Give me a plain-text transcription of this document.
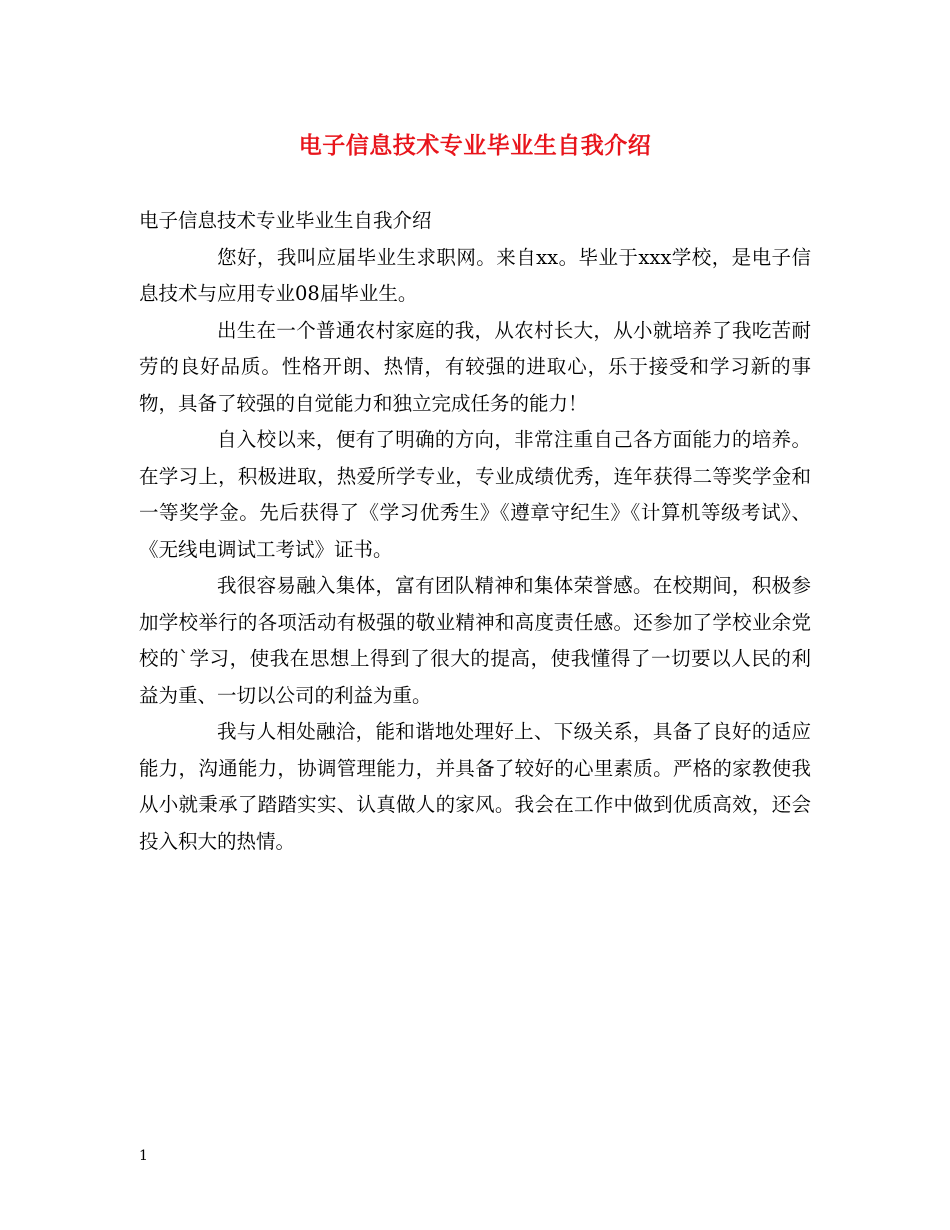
电子信息技术专业毕业生自我介绍

电子信息技术专业毕业生自我介绍

您好，我叫应届毕业生求职网。来自xx。毕业于xxx学校，是电子信息技术与应用专业08届毕业生。

出生在一个普通农村家庭的我，从农村长大，从小就培养了我吃苦耐劳的良好品质。性格开朗、热情，有较强的进取心，乐于接受和学习新的事物，具备了较强的自觉能力和独立完成任务的能力！

自入校以来，便有了明确的方向，非常注重自己各方面能力的培养。在学习上，积极进取，热爱所学专业，专业成绩优秀，连年获得二等奖学金和一等奖学金。先后获得了《学习优秀生》《遵章守纪生》《计算机等级考试》、《无线电调试工考试》证书。

我很容易融入集体，富有团队精神和集体荣誉感。在校期间，积极参加学校举行的各项活动有极强的敬业精神和高度责任感。还参加了学校业余党校的`学习，使我在思想上得到了很大的提高，使我懂得了一切要以人民的利益为重、一切以公司的利益为重。

我与人相处融洽，能和谐地处理好上、下级关系，具备了良好的适应能力，沟通能力，协调管理能力，并具备了较好的心里素质。严格的家教使我从小就秉承了踏踏实实、认真做人的家风。我会在工作中做到优质高效，还会投入积大的热情。

1
